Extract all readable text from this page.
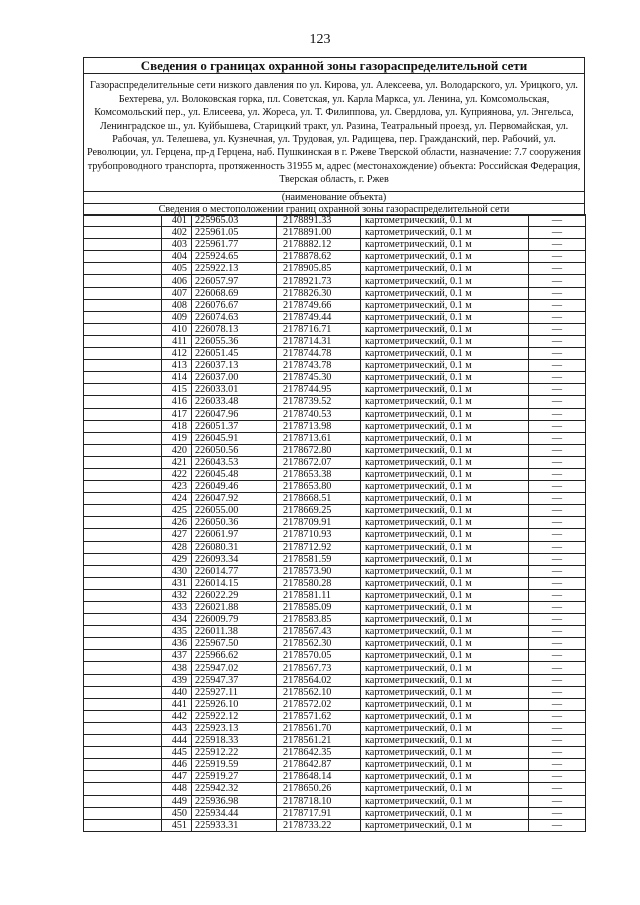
123
Сведения о границах охранной зоны газораспределительной сети
Газораспределительные сети низкого давления по ул. Кирова, ул. Алексеева, ул. Володарского, ул. Урицкого, ул. Бехтерева, ул. Волоковская горка, пл. Советская, ул. Карла Маркса, ул. Ленина, ул. Комсомольская, Комсомольский пер., ул. Елисеева, ул. Жореса, ул. Т. Филиппова, ул. Свердлова, ул. Куприянова, ул. Энгельса, Ленинградское ш., ул. Куйбышева, Старицкий тракт, ул. Разина, Театральный проезд, ул. Первомайская, ул. Рабочая, ул. Телешева, ул. Кузнечная, ул. Трудовая, ул. Радищева, пер. Гражданский, пер. Рабочий, ул. Революции, ул. Герцена, пр-д Герцена, наб. Пушкинская в г. Ржеве Тверской области, назначение: 7.7 сооружения трубопроводного транспорта, протяженность 31955 м, адрес (местонахождение) объекта: Российская Федерация, Тверская область, г. Ржев
(наименование объекта)
Сведения о местоположении границ охранной зоны газораспределительной сети
	401	225965.03	2178891.33	картометрический, 0.1 м	—
	402	225961.05	2178891.00	картометрический, 0.1 м	—
	403	225961.77	2178882.12	картометрический, 0.1 м	—
	404	225924.65	2178878.62	картометрический, 0.1 м	—
	405	225922.13	2178905.85	картометрический, 0.1 м	—
	406	226057.97	2178921.73	картометрический, 0.1 м	—
	407	226068.69	2178826.30	картометрический, 0.1 м	—
	408	226076.67	2178749.66	картометрический, 0.1 м	—
	409	226074.63	2178749.44	картометрический, 0.1 м	—
	410	226078.13	2178716.71	картометрический, 0.1 м	—
	411	226055.36	2178714.31	картометрический, 0.1 м	—
	412	226051.45	2178744.78	картометрический, 0.1 м	—
	413	226037.13	2178743.78	картометрический, 0.1 м	—
	414	226037.00	2178745.30	картометрический, 0.1 м	—
	415	226033.01	2178744.95	картометрический, 0.1 м	—
	416	226033.48	2178739.52	картометрический, 0.1 м	—
	417	226047.96	2178740.53	картометрический, 0.1 м	—
	418	226051.37	2178713.98	картометрический, 0.1 м	—
	419	226045.91	2178713.61	картометрический, 0.1 м	—
	420	226050.56	2178672.80	картометрический, 0.1 м	—
	421	226043.53	2178672.07	картометрический, 0.1 м	—
	422	226045.48	2178653.38	картометрический, 0.1 м	—
	423	226049.46	2178653.80	картометрический, 0.1 м	—
	424	226047.92	2178668.51	картометрический, 0.1 м	—
	425	226055.00	2178669.25	картометрический, 0.1 м	—
	426	226050.36	2178709.91	картометрический, 0.1 м	—
	427	226061.97	2178710.93	картометрический, 0.1 м	—
	428	226080.31	2178712.92	картометрический, 0.1 м	—
	429	226093.34	2178581.59	картометрический, 0.1 м	—
	430	226014.77	2178573.90	картометрический, 0.1 м	—
	431	226014.15	2178580.28	картометрический, 0.1 м	—
	432	226022.29	2178581.11	картометрический, 0.1 м	—
	433	226021.88	2178585.09	картометрический, 0.1 м	—
	434	226009.79	2178583.85	картометрический, 0.1 м	—
	435	226011.38	2178567.43	картометрический, 0.1 м	—
	436	225967.50	2178562.30	картометрический, 0.1 м	—
	437	225966.62	2178570.05	картометрический, 0.1 м	—
	438	225947.02	2178567.73	картометрический, 0.1 м	—
	439	225947.37	2178564.02	картометрический, 0.1 м	—
	440	225927.11	2178562.10	картометрический, 0.1 м	—
	441	225926.10	2178572.02	картометрический, 0.1 м	—
	442	225922.12	2178571.62	картометрический, 0.1 м	—
	443	225923.13	2178561.70	картометрический, 0.1 м	—
	444	225918.33	2178561.21	картометрический, 0.1 м	—
	445	225912.22	2178642.35	картометрический, 0.1 м	—
	446	225919.59	2178642.87	картометрический, 0.1 м	—
	447	225919.27	2178648.14	картометрический, 0.1 м	—
	448	225942.32	2178650.26	картометрический, 0.1 м	—
	449	225936.98	2178718.10	картометрический, 0.1 м	—
	450	225934.44	2178717.91	картометрический, 0.1 м	—
	451	225933.31	2178733.22	картометрический, 0.1 м	—
